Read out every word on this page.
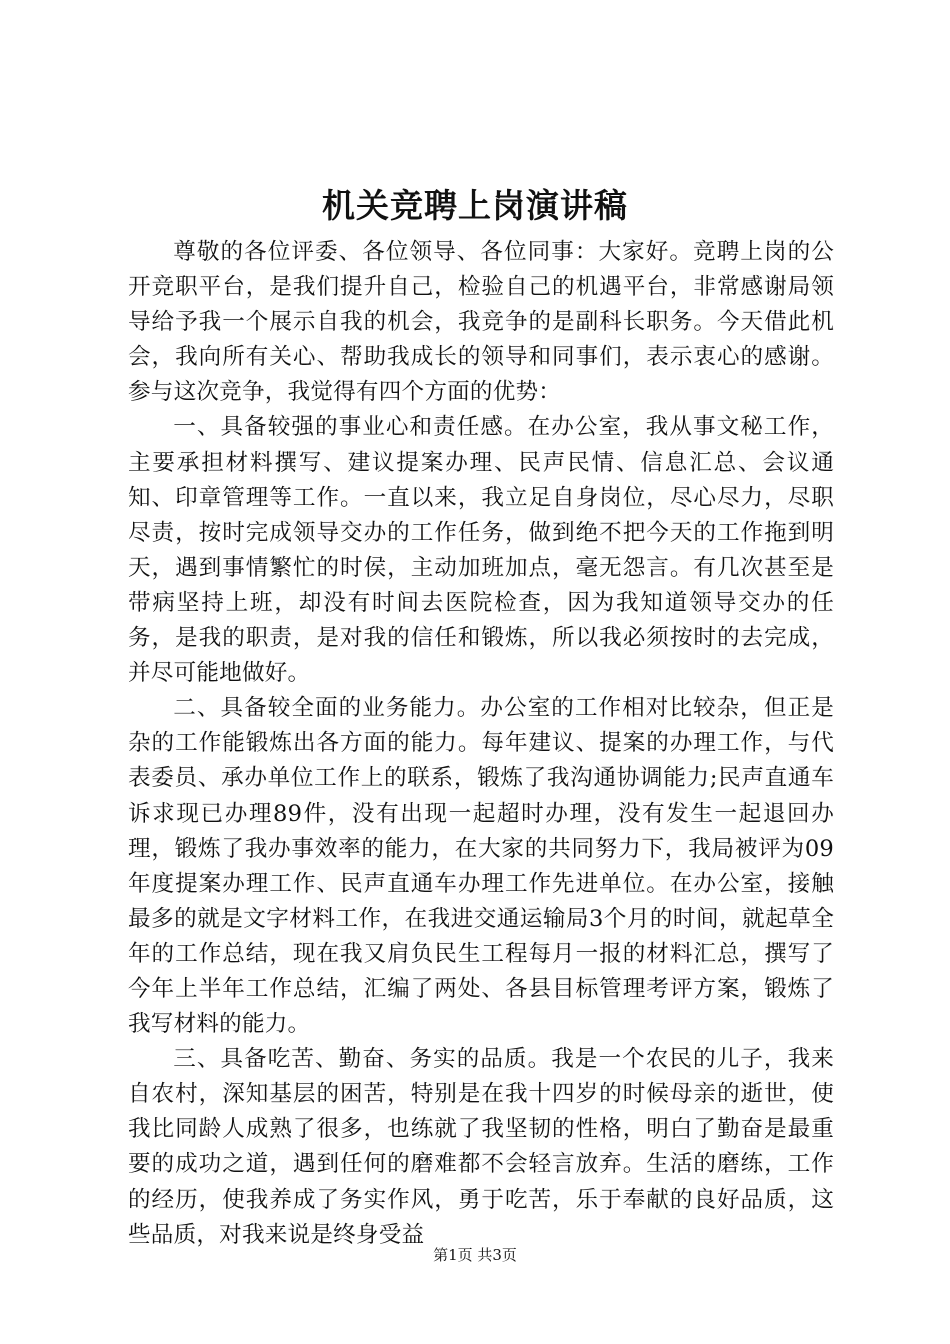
机关竞聘上岗演讲稿

尊敬的各位评委、各位领导、各位同事：大家好。竞聘上岗的公开竞职平台，是我们提升自己，检验自己的机遇平台，非常感谢局领导给予我一个展示自我的机会，我竞争的是副科长职务。今天借此机会，我向所有关心、帮助我成长的领导和同事们，表示衷心的感谢。参与这次竞争，我觉得有四个方面的优势：

一、具备较强的事业心和责任感。在办公室，我从事文秘工作，主要承担材料撰写、建议提案办理、民声民情、信息汇总、会议通知、印章管理等工作。一直以来，我立足自身岗位，尽心尽力，尽职尽责，按时完成领导交办的工作任务，做到绝不把今天的工作拖到明天，遇到事情繁忙的时侯，主动加班加点，毫无怨言。有几次甚至是带病坚持上班，却没有时间去医院检查，因为我知道领导交办的任务，是我的职责，是对我的信任和锻炼，所以我必须按时的去完成，并尽可能地做好。

二、具备较全面的业务能力。办公室的工作相对比较杂，但正是杂的工作能锻炼出各方面的能力。每年建议、提案的办理工作，与代表委员、承办单位工作上的联系，锻炼了我沟通协调能力;民声直通车诉求现已办理89件，没有出现一起超时办理，没有发生一起退回办理，锻炼了我办事效率的能力，在大家的共同努力下，我局被评为09年度提案办理工作、民声直通车办理工作先进单位。在办公室，接触最多的就是文字材料工作，在我进交通运输局3个月的时间，就起草全年的工作总结，现在我又肩负民生工程每月一报的材料汇总，撰写了今年上半年工作总结，汇编了两处、各县目标管理考评方案，锻炼了我写材料的能力。

三、具备吃苦、勤奋、务实的品质。我是一个农民的儿子，我来自农村，深知基层的困苦，特别是在我十四岁的时候母亲的逝世，使我比同龄人成熟了很多，也练就了我坚韧的性格，明白了勤奋是最重要的成功之道，遇到任何的磨难都不会轻言放弃。生活的磨练，工作的经历，使我养成了务实作风，勇于吃苦，乐于奉献的良好品质，这些品质，对我来说是终身受益

第1页 共3页
